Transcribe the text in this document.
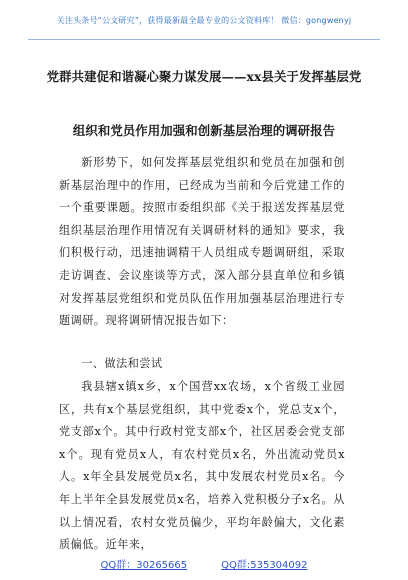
关注头条号“公文研究”，获得最新最全最专业的公文资料库！ 微信：gongwenyj
党群共建促和谐凝心聚力谋发展——xx县关于发挥基层党
组织和党员作用加强和创新基层治理的调研报告

新形势下，如何发挥基层党组织和党员在加强和创新基层治理中的作用，已经成为当前和今后党建工作的一个重要课题。按照市委组织部《关于报送发挥基层党组织基层治理作用情况有关调研材料的通知》要求，我们积极行动，迅速抽调精干人员组成专题调研组，采取走访调查、会议座谈等方式，深入部分县直单位和乡镇对发挥基层党组织和党员队伍作用加强基层治理进行专题调研。现将调研情况报告如下：

一、做法和尝试

我县辖x镇x乡，x个国营xx农场，x个省级工业园区，共有x个基层党组织，其中党委x个，党总支x个，党支部x个。其中行政村党支部x个，社区居委会党支部x个。现有党员x人，有农村党员x名，外出流动党员x人。x年全县发展党员x名，其中发展农村党员x名。今年上半年全县发展党员x名，培养入党积极分子x名。从以上情况看，农村女党员偏少，平均年龄偏大，文化素质偏低。近年来，

QQ群：30265665	QQ群:535304092
